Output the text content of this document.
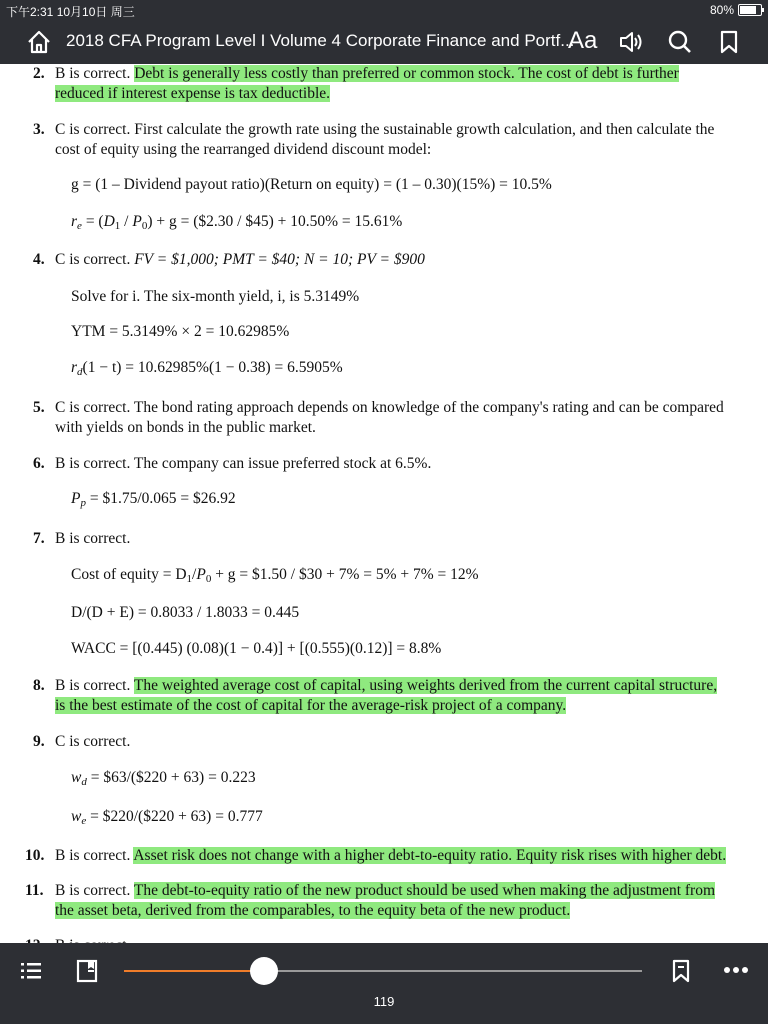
下午2:31 10月10日 周三	80%
2018 CFA Program Level I Volume 4 Corporate Finance and Portf...
Aa
2. B is correct. Debt is generally less costly than preferred or common stock. The cost of debt is further
reduced if interest expense is tax deductible.
3. C is correct. First calculate the growth rate using the sustainable growth calculation, and then calculate the
cost of equity using the rearranged dividend discount model:
g = (1 – Dividend payout ratio)(Return on equity) = (1 – 0.30)(15%) = 10.5%
$r_e = (D_1 / P_0) + g$ = ($2.30 / $45) + 10.50% = 15.61%
4. C is correct. FV = $1,000; PMT = $40; N = 10; PV = $900
Solve for i. The six-month yield, i, is 5.3149%
YTM = 5.3149% × 2 = 10.62985%
$r_d(1 - t) = 10.62985\%(1 - 0.38) = 6.5905\%$
5. C is correct. The bond rating approach depends on knowledge of the company's rating and can be compared
with yields on bonds in the public market.
6. B is correct. The company can issue preferred stock at 6.5%.
$P_p$ = $1.75/0.065 = $26.92
7. B is correct.
Cost of equity = $D_1/P_0 + g$ = $1.50 / $30 + 7% = 5% + 7% = 12%
D/(D + E) = 0.8033 / 1.8033 = 0.445
WACC = [(0.445) (0.08)(1 − 0.4)] + [(0.555)(0.12)] = 8.8%
8. B is correct. The weighted average cost of capital, using weights derived from the current capital structure,
is the best estimate of the cost of capital for the average-risk project of a company.
9. C is correct.
$w_d$ = $63/($220 + 63) = 0.223
$w_e$ = $220/($220 + 63) = 0.777
10. B is correct. Asset risk does not change with a higher debt-to-equity ratio. Equity risk rises with higher debt.
11. B is correct. The debt-to-equity ratio of the new product should be used when making the adjustment from
the asset beta, derived from the comparables, to the equity beta of the new product.
119
